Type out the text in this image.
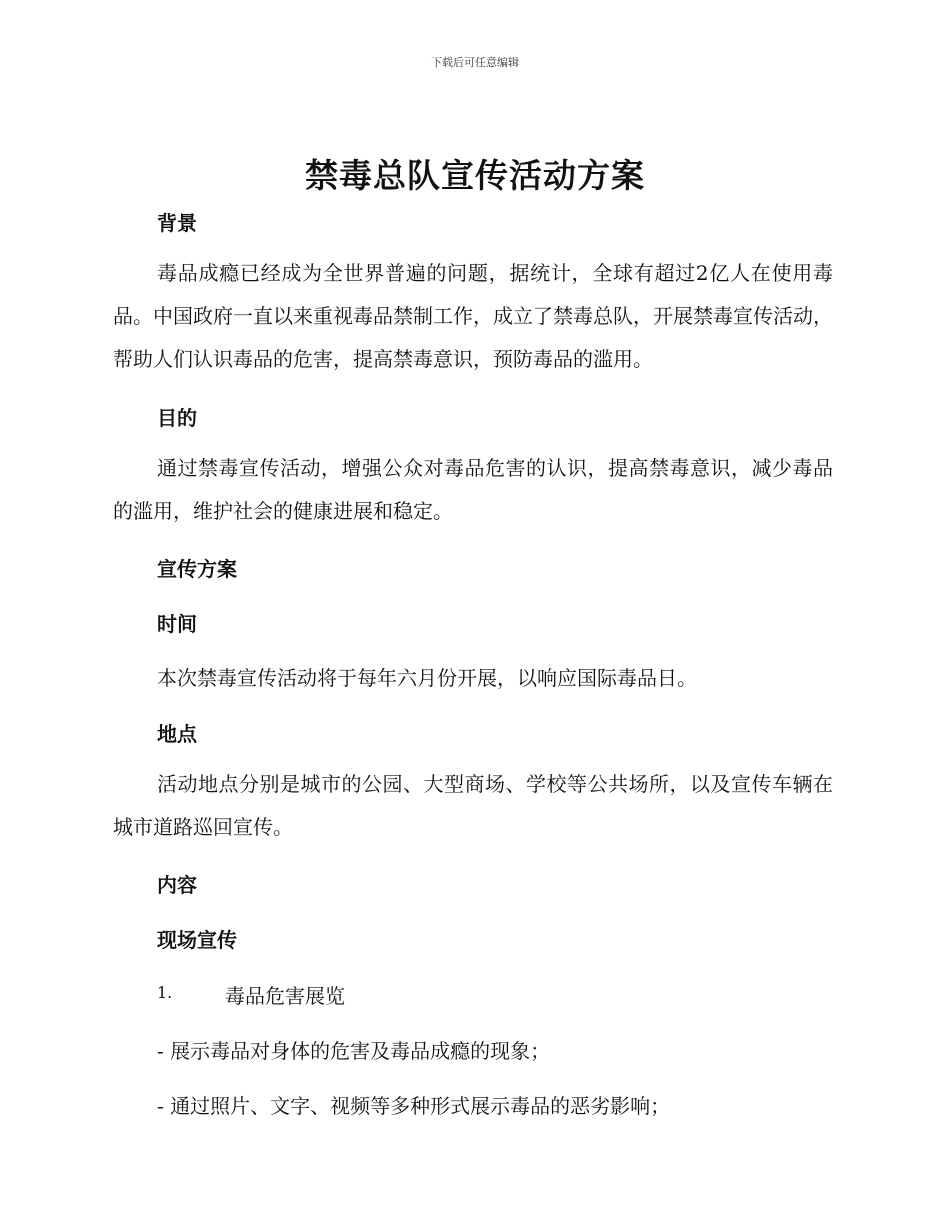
下载后可任意编辑
禁毒总队宣传活动方案
背景

毒品成瘾已经成为全世界普遍的问题，据统计，全球有超过2亿人在使用毒品。中国政府一直以来重视毒品禁制工作，成立了禁毒总队，开展禁毒宣传活动，帮助人们认识毒品的危害，提高禁毒意识，预防毒品的滥用。

目的

通过禁毒宣传活动，增强公众对毒品危害的认识，提高禁毒意识，减少毒品的滥用，维护社会的健康进展和稳定。

宣传方案
时间

本次禁毒宣传活动将于每年六月份开展，以响应国际毒品日。

地点

活动地点分别是城市的公园、大型商场、学校等公共场所，以及宣传车辆在城市道路巡回宣传。

内容
现场宣传
1.	毒品危害展览

- 展示毒品对身体的危害及毒品成瘾的现象；

- 通过照片、文字、视频等多种形式展示毒品的恶劣影响；
